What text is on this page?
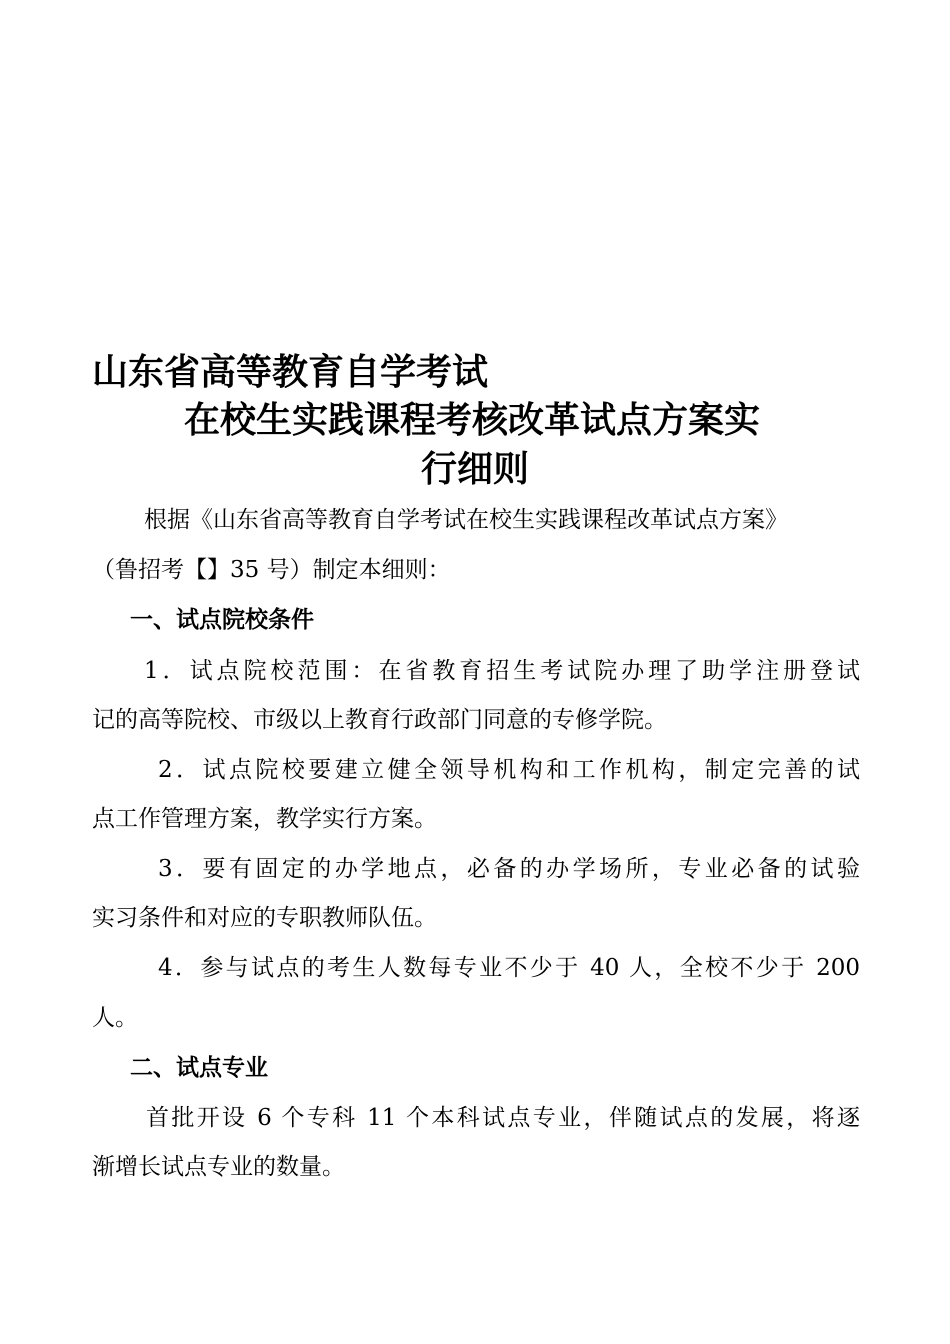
山东省高等教育自学考试
在校生实践课程考核改革试点方案实
行细则

根据《山东省高等教育自学考试在校生实践课程改革试点方案》

（鲁招考【】35 号）制定本细则：

一、试点院校条件

1．试点院校范围：在省教育招生考试院办理了助学注册登试

记的高等院校、市级以上教育行政部门同意的专修学院。

2．试点院校要建立健全领导机构和工作机构，制定完善的试

点工作管理方案，教学实行方案。

3．要有固定的办学地点，必备的办学场所，专业必备的试验

实习条件和对应的专职教师队伍。

4．参与试点的考生人数每专业不少于 40 人，全校不少于 200

人。

二、试点专业

首批开设 6 个专科 11 个本科试点专业，伴随试点的发展，将逐

渐增长试点专业的数量。
